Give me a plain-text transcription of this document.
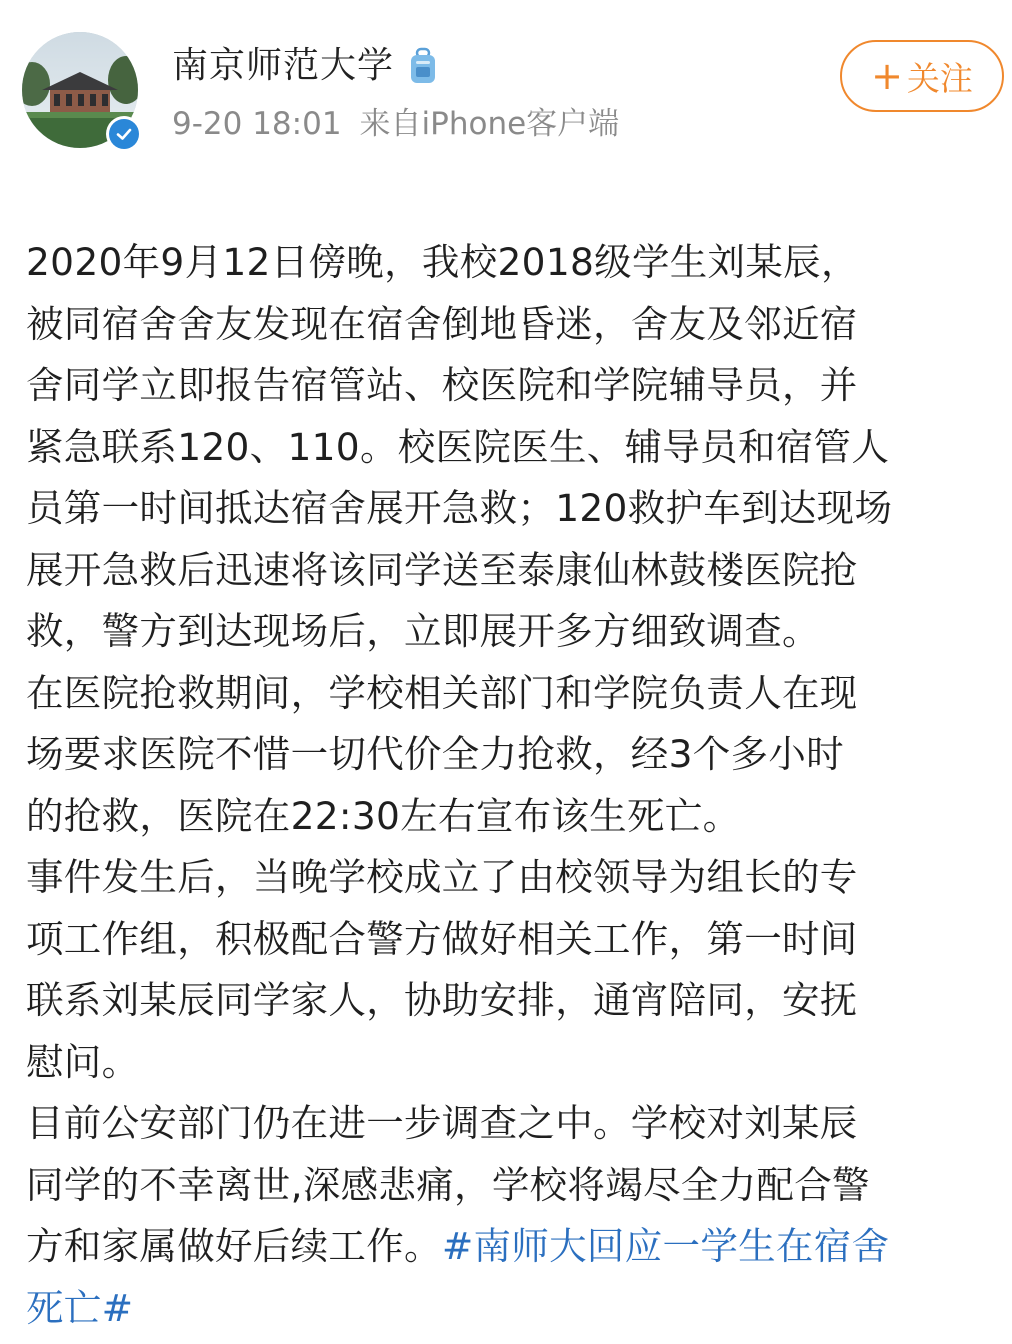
南京师范大学
9-20 18:01 来自iPhone客户端
+ 关注
2020年9月12日傍晚，我校2018级学生刘某辰，
被同宿舍舍友发现在宿舍倒地昏迷，舍友及邻近宿
舍同学立即报告宿管站、校医院和学院辅导员，并
紧急联系120、110。校医院医生、辅导员和宿管人
员第一时间抵达宿舍展开急救；120救护车到达现场
展开急救后迅速将该同学送至泰康仙林鼓楼医院抢
救，警方到达现场后，立即展开多方细致调查。
在医院抢救期间，学校相关部门和学院负责人在现
场要求医院不惜一切代价全力抢救，经3个多小时
的抢救，医院在22:30左右宣布该生死亡。
事件发生后，当晚学校成立了由校领导为组长的专
项工作组，积极配合警方做好相关工作，第一时间
联系刘某辰同学家人，协助安排，通宵陪同，安抚
慰问。
目前公安部门仍在进一步调查之中。学校对刘某辰
同学的不幸离世,深感悲痛，学校将竭尽全力配合警
方和家属做好后续工作。#南师大回应一学生在宿舍
死亡#
